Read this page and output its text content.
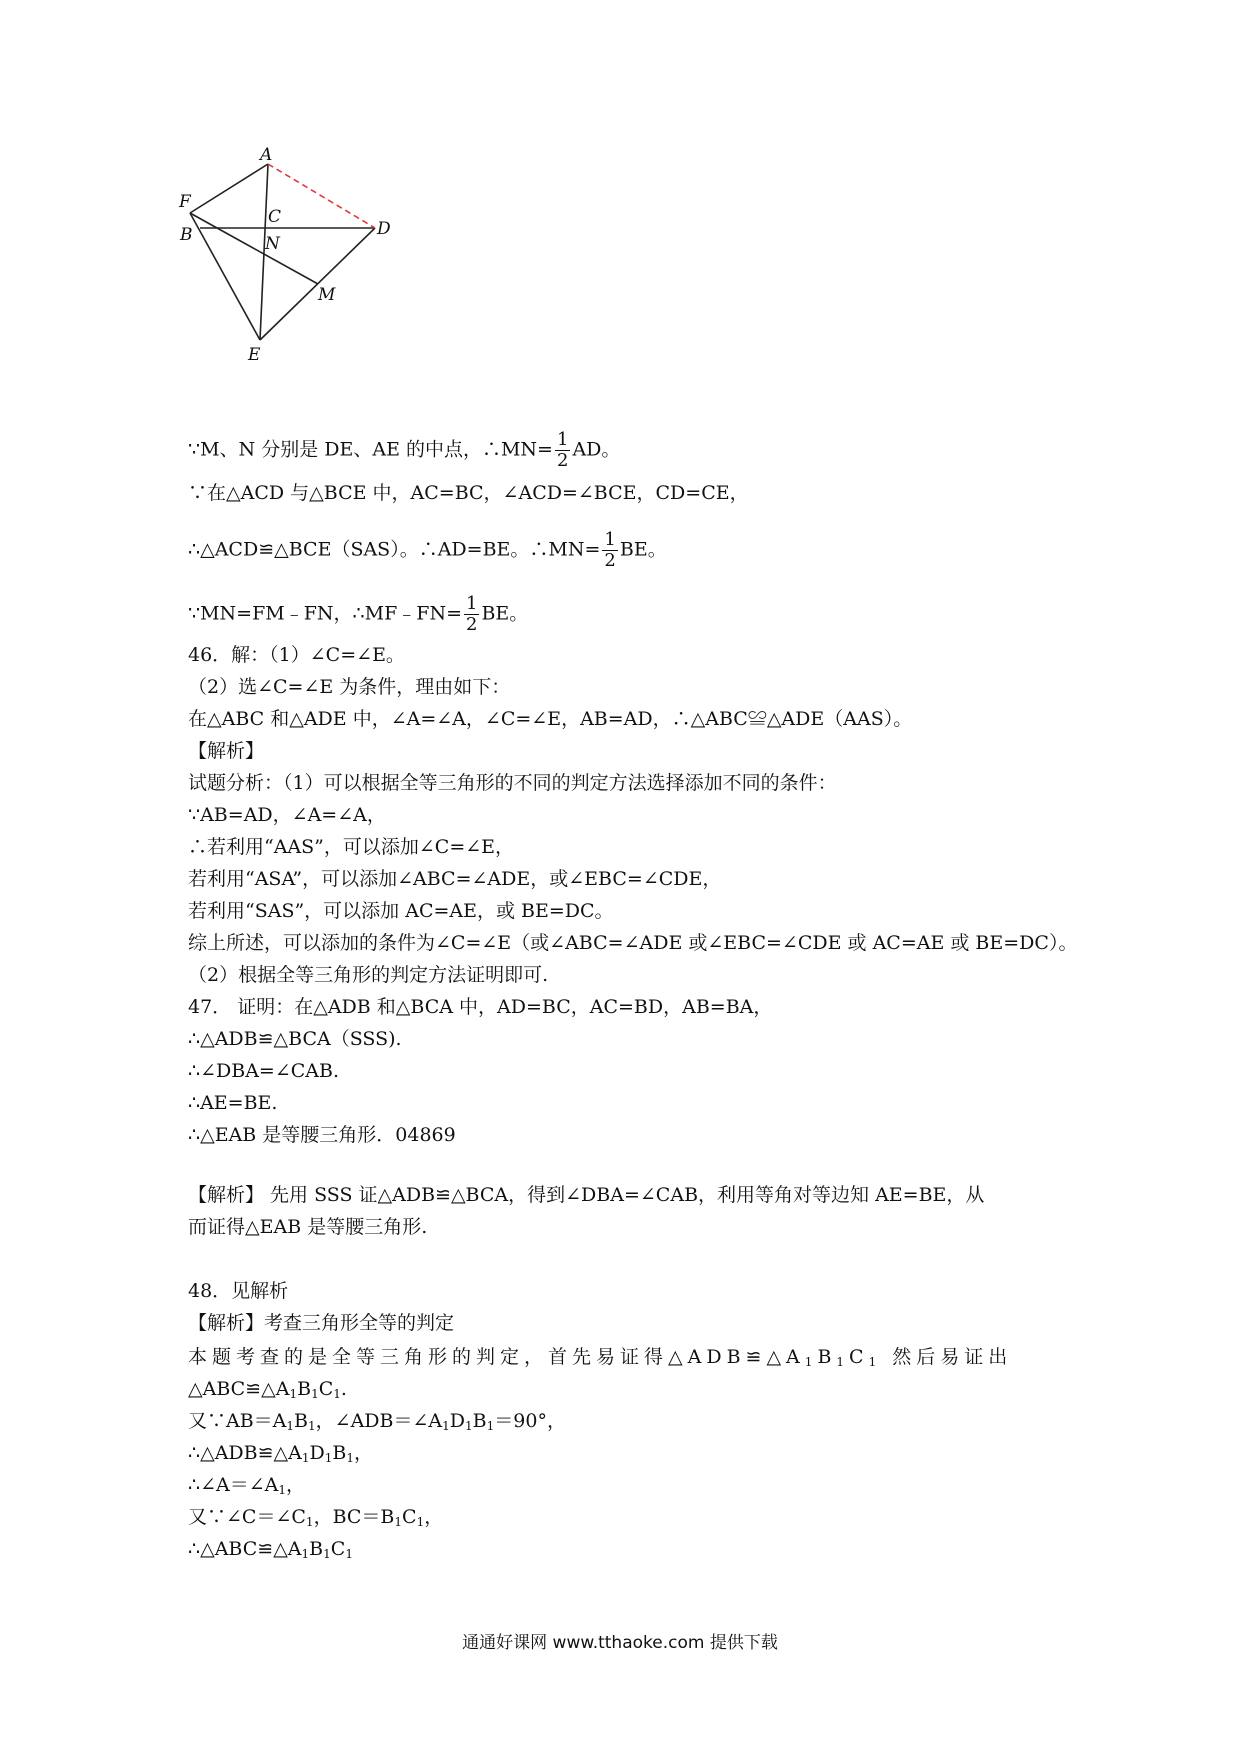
A
F
C
B	N
D
M
E
∵M、N 分别是 DE、AE 的中点，∴MN= $\frac{1}{2}$ AD。
∵在△ACD 与△BCE 中，AC=BC，∠ACD=∠BCE，CD=CE，
∴△ACD≌△BCE（SAS）。∴AD=BE。∴MN= $\frac{1}{2}$ BE。
∵MN=FM﹣FN，∴MF﹣FN= $\frac{1}{2}$ BE。
46．解：（1）∠C=∠E。
（2）选∠C=∠E 为条件，理由如下：
在△ABC 和△ADE 中，∠A=∠A，∠C=∠E，AB=AD，∴△ABC≌△ADE（AAS）。
【解析】
试题分析：（1）可以根据全等三角形的不同的判定方法选择添加不同的条件：
∵AB=AD，∠A=∠A，
∴若利用“AAS”，可以添加∠C=∠E，
若利用“ASA”，可以添加∠ABC=∠ADE，或∠EBC=∠CDE，
若利用“SAS”，可以添加 AC=AE，或 BE=DC。
综上所述，可以添加的条件为∠C=∠E（或∠ABC=∠ADE 或∠EBC=∠CDE 或 AC=AE 或 BE=DC）。
（2）根据全等三角形的判定方法证明即可.
47． 证明：在△ADB 和△BCA 中，AD=BC，AC=BD，AB=BA，
∴△ADB≌△BCA（SSS).
∴∠DBA=∠CAB.
∴AE=BE.
∴△EAB 是等腰三角形．04869
【解析】 先用 SSS 证△ADB≌△BCA，得到∠DBA=∠CAB，利用等角对等边知 AE=BE，从
而证得△EAB 是等腰三角形.
48．见解析
【解析】考查三角形全等的判定
本题考查的是全等三角形的判定，首先易证得$\triangle ADB≌\triangle A_1B_1C_1$ 然后易证出
$\triangle ABC≌\triangle A_1B_1C_1$.
又$\because AB=A_1B_1$，$\angle ADB=\angle A_1D_1B_1=90^\circ$，
$\therefore\triangle ADB≌\triangle A_1D_1B_1$，
$\therefore\angle A=\angle A_1$，
又$\because\angle C=\angle C_1$，$BC=B_1C_1$，
$\therefore\triangle ABC≌\triangle A_1B_1C_1$
通通好课网 www.tthaoke.com 提供下载
